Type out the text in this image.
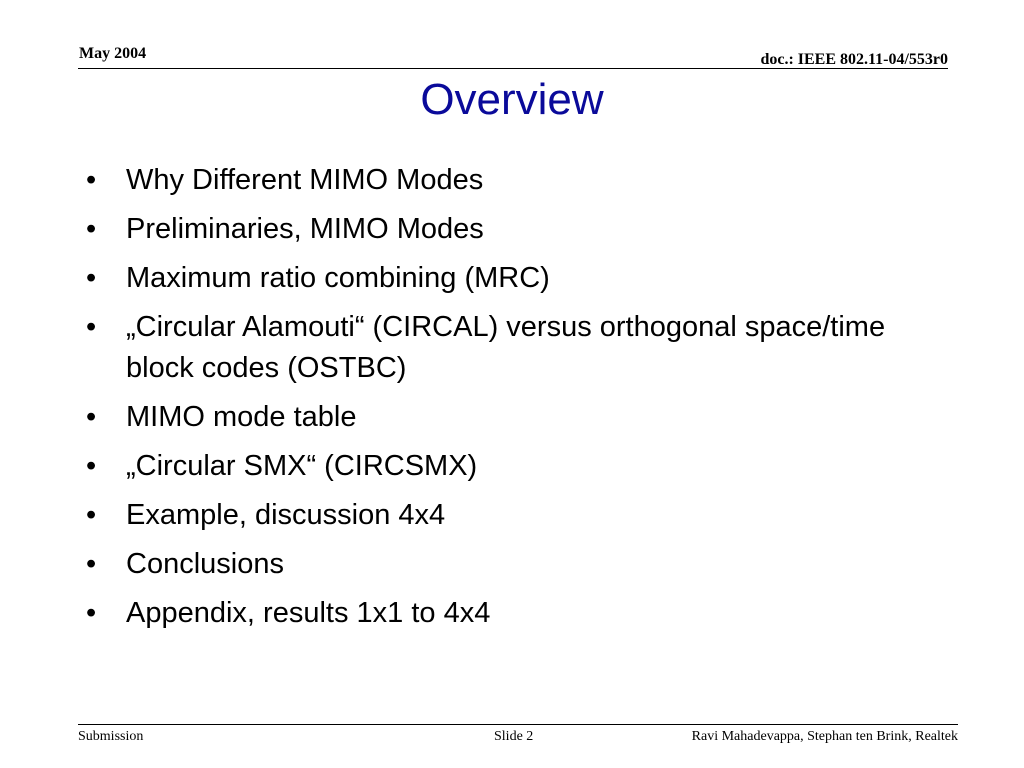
May 2004	doc.: IEEE 802.11-04/553r0
Overview
•	Why Different MIMO Modes
•	Preliminaries, MIMO Modes
•	Maximum ratio combining (MRC)
•	„Circular Alamouti“ (CIRCAL) versus orthogonal space/time block codes (OSTBC)
•	MIMO mode table
•	„Circular SMX“ (CIRCSMX)
•	Example, discussion 4x4
•	Conclusions
•	Appendix, results 1x1 to 4x4
Submission	Slide 2	Ravi Mahadevappa, Stephan ten Brink, Realtek
